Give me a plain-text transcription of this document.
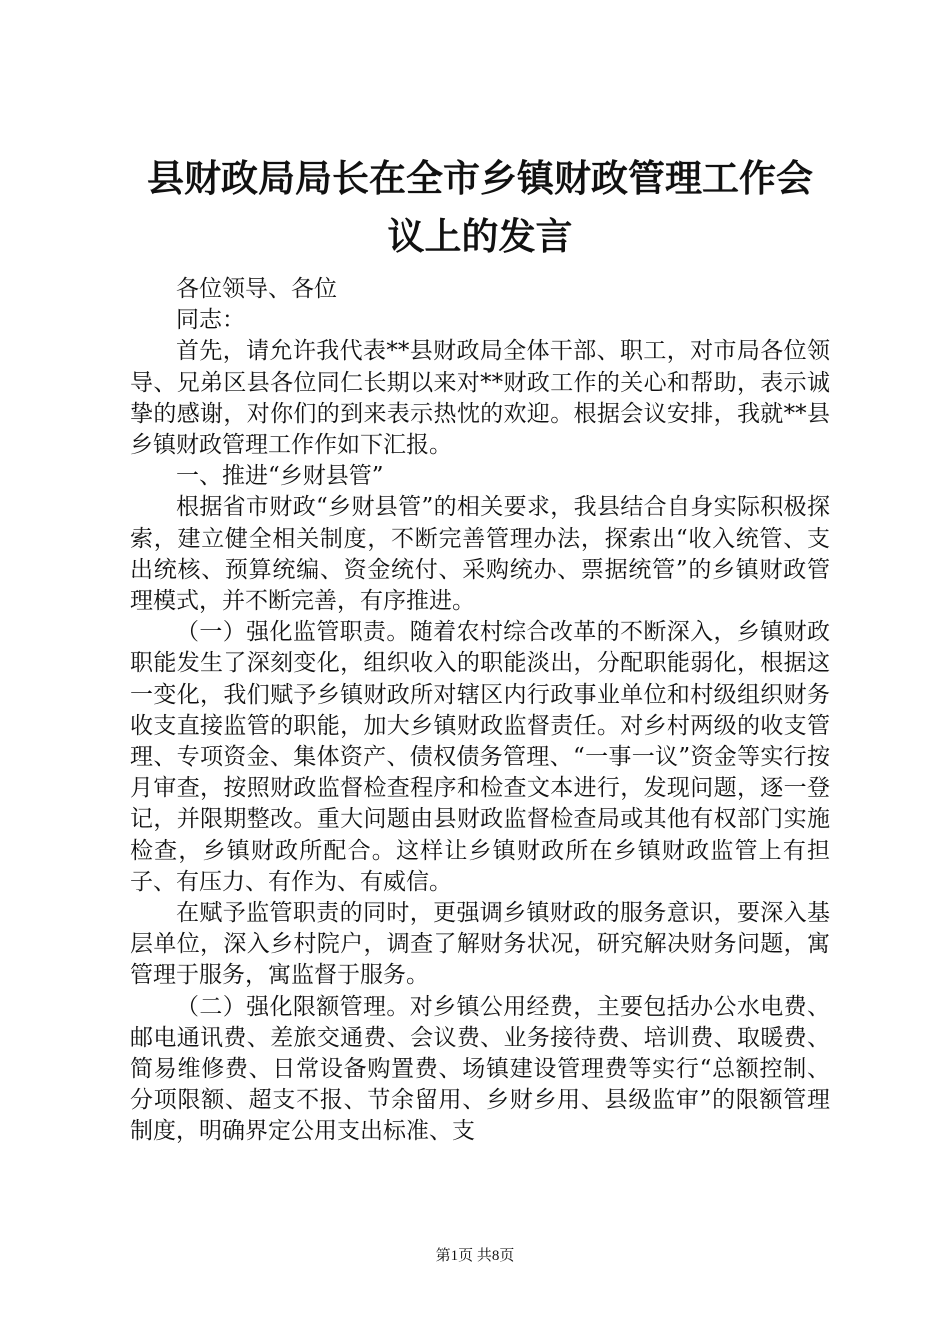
县财政局局长在全市乡镇财政管理工作会议上的发言

各位领导、各位

同志：

首先，请允许我代表**县财政局全体干部、职工，对市局各位领导、兄弟区县各位同仁长期以来对**财政工作的关心和帮助，表示诚挚的感谢，对你们的到来表示热忱的欢迎。根据会议安排，我就**县乡镇财政管理工作作如下汇报。

一、推进“乡财县管”

根据省市财政“乡财县管”的相关要求，我县结合自身实际积极探索，建立健全相关制度，不断完善管理办法，探索出“收入统管、支出统核、预算统编、资金统付、采购统办、票据统管”的乡镇财政管理模式，并不断完善，有序推进。

（一）强化监管职责。随着农村综合改革的不断深入，乡镇财政职能发生了深刻变化，组织收入的职能淡出，分配职能弱化，根据这一变化，我们赋予乡镇财政所对辖区内行政事业单位和村级组织财务收支直接监管的职能，加大乡镇财政监督责任。对乡村两级的收支管理、专项资金、集体资产、债权债务管理、“一事一议”资金等实行按月审查，按照财政监督检查程序和检查文本进行，发现问题，逐一登记，并限期整改。重大问题由县财政监督检查局或其他有权部门实施检查，乡镇财政所配合。这样让乡镇财政所在乡镇财政监管上有担子、有压力、有作为、有威信。

在赋予监管职责的同时，更强调乡镇财政的服务意识，要深入基层单位，深入乡村院户，调查了解财务状况，研究解决财务问题，寓管理于服务，寓监督于服务。

（二）强化限额管理。对乡镇公用经费，主要包括办公水电费、邮电通讯费、差旅交通费、会议费、业务接待费、培训费、取暖费、简易维修费、日常设备购置费、场镇建设管理费等实行“总额控制、分项限额、超支不报、节余留用、乡财乡用、县级监审”的限额管理制度，明确界定公用支出标准、支

第1页 共8页
